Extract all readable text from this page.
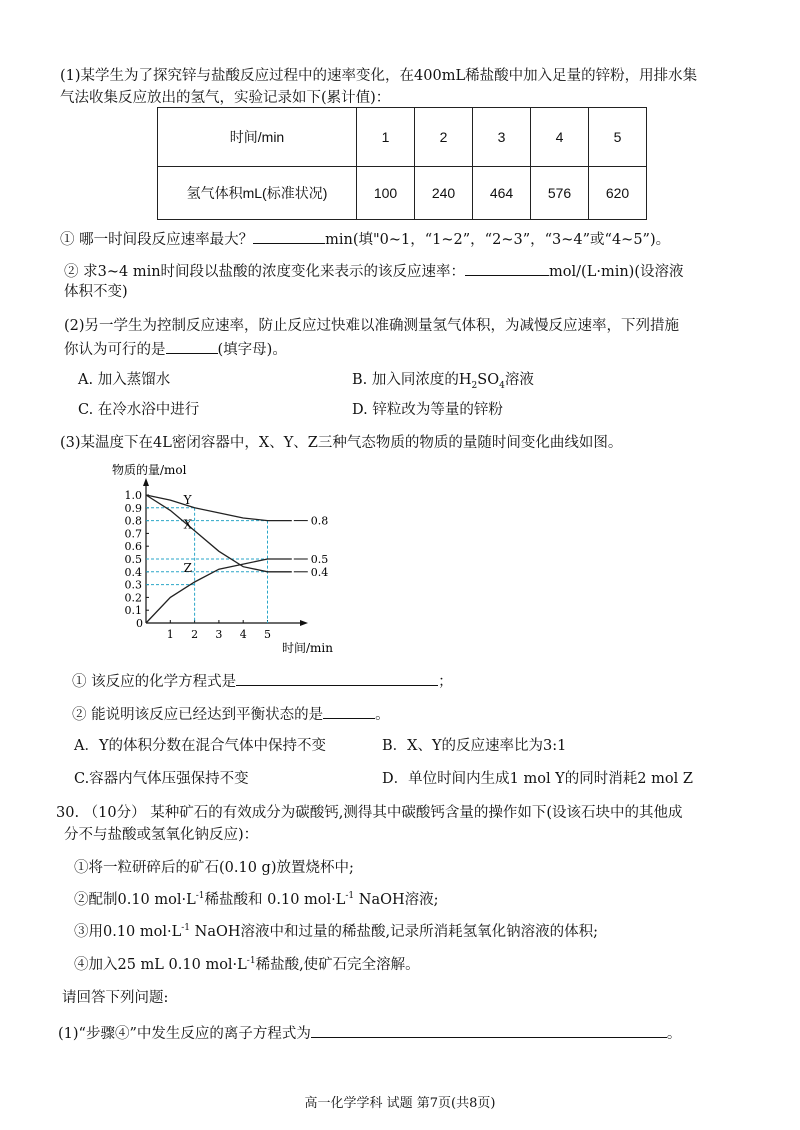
(1)某学生为了探究锌与盐酸反应过程中的速率变化，在400mL稀盐酸中加入足量的锌粉，用排水集
气法收集反应放出的氢气，实验记录如下(累计值)：
时间/min	1	2	3	4	5
氢气体积mL(标准状况)	100	240	464	576	620
① 哪一时间段反应速率最大？	min(填"0~1，“1~2”，“2~3”，“3~4”或“4~5”)。
② 求3~4 min时间段以盐酸的浓度变化来表示的该反应速率：	mol/(L·min)(设溶液
体积不变)
(2)另一学生为控制反应速率，防止反应过快难以准确测量氢气体积，为减慢反应速率，下列措施
你认为可行的是	(填字母)。
A. 加入蒸馏水	B. 加入同浓度的$H_2SO_4$溶液
C. 在冷水浴中进行	D. 锌粒改为等量的锌粉
(3)某温度下在4L密闭容器中，X、Y、Z三种气态物质的物质的量随时间变化曲线如图。
物质的量/mol
时间/min
0
0.1
0.2
0.3
0.4
0.5
0.6
0.7
0.8
0.9
1.0
1 2 3 4 5
Y
0.8
X
0.4
Z
0.5
① 该反应的化学方程式是	；
② 能说明该反应已经达到平衡状态的是	。
A．Y的体积分数在混合气体中保持不变	B．X、Y的反应速率比为3:1
C.容器内气体压强保持不变	D．单位时间内生成1 mol Y的同时消耗2 mol Z
30. （10分） 某种矿石的有效成分为碳酸钙,测得其中碳酸钙含量的操作如下(设该石块中的其他成
分不与盐酸或氢氧化钠反应)：
①将一粒研碎后的矿石(0.10 g)放置烧杯中;
②配制0.10 $mol\cdot L^{-1}$稀盐酸和 0.10 $mol\cdot L^{-1}$ NaOH溶液;
③用0.10 $mol\cdot L^{-1}$ NaOH溶液中和过量的稀盐酸,记录所消耗氢氧化钠溶液的体积;
④加入25 mL 0.10 $mol\cdot L^{-1}$稀盐酸,使矿石完全溶解。
请回答下列问题:
(1)“步骤④”中发生反应的离子方程式为	。
高一化学学科 试题 第7页(共8页)
